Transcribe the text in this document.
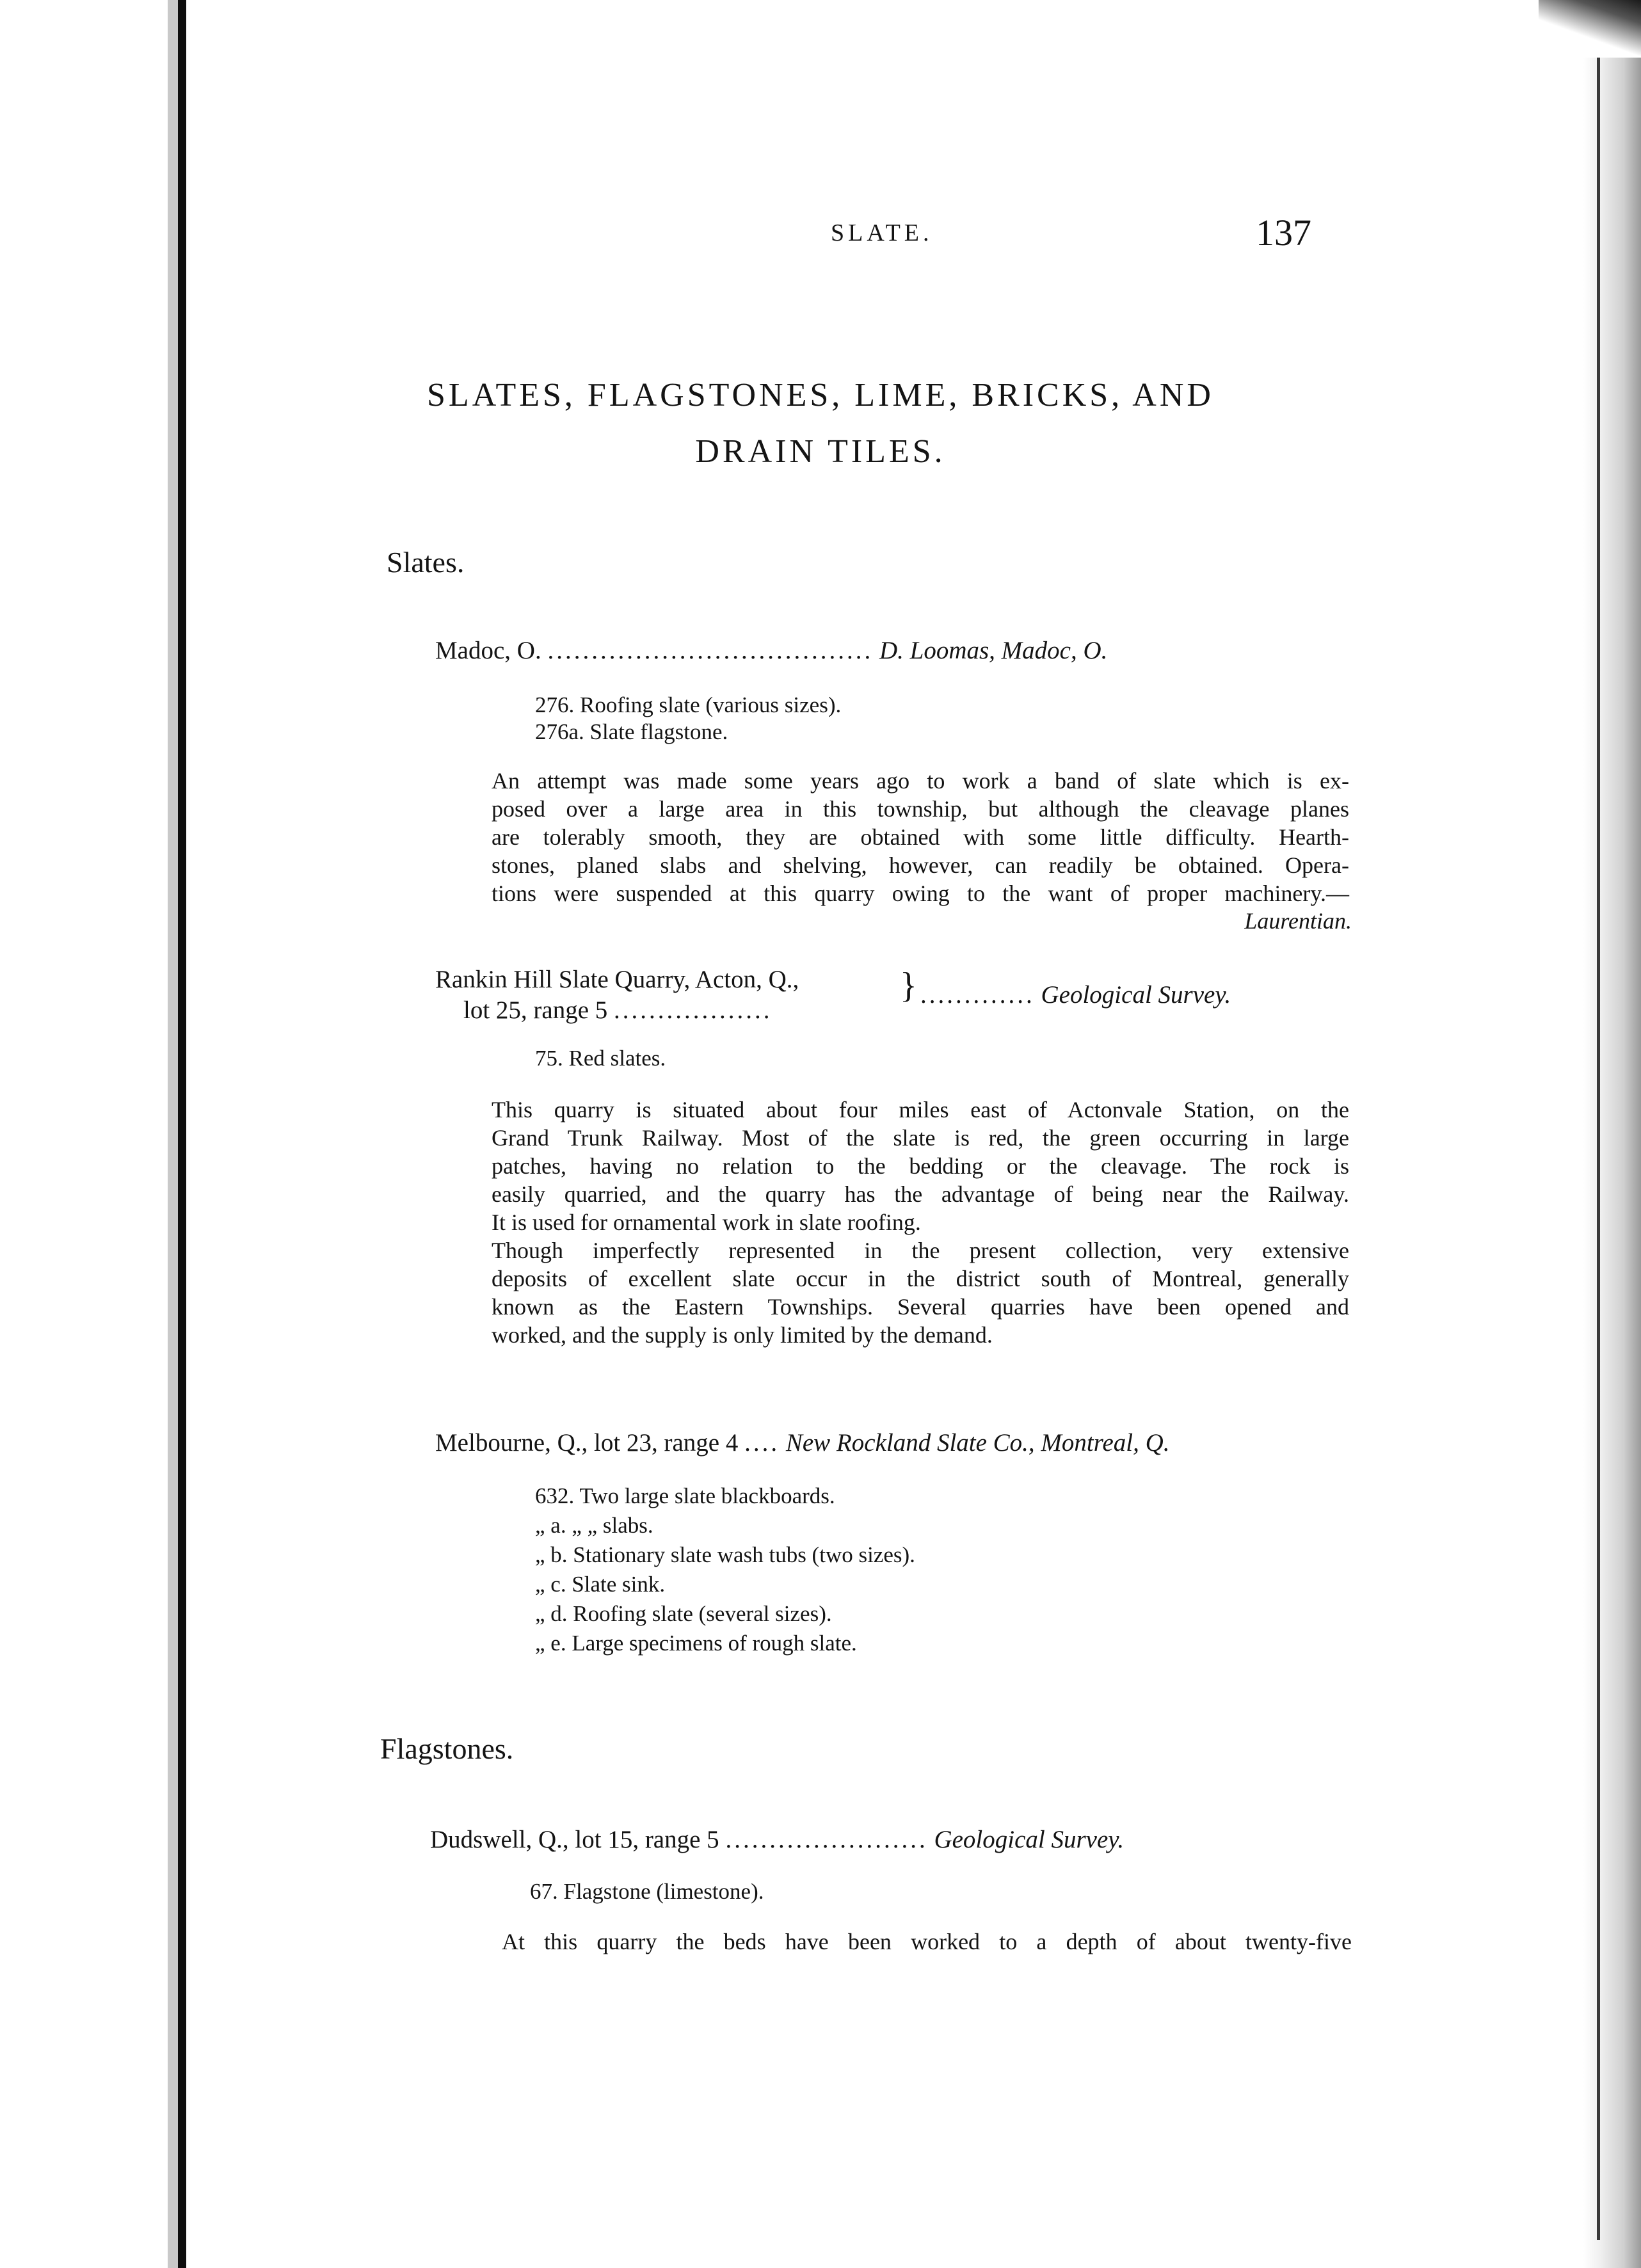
SLATE.	137
SLATES, FLAGSTONES, LIME, BRICKS, AND
DRAIN TILES.
Slates.
Madoc, O. ..................................... D. Loomas, Madoc, O.
276. Roofing slate (various sizes).
276a. Slate flagstone.
An attempt was made some years ago to work a band of slate which is ex-
posed over a large area in this township, but although the cleavage planes
are tolerably smooth, they are obtained with some little difficulty. Hearth-
stones, planed slabs and shelving, however, can readily be obtained. Opera-
tions were suspended at this quarry owing to the want of proper machinery.—
Laurentian.
Rankin Hill Slate Quarry, Acton, Q.,
lot 25, range 5 ..................
} ............. Geological Survey.
75. Red slates.
This quarry is situated about four miles east of Actonvale Station, on the
Grand Trunk Railway. Most of the slate is red, the green occurring in large
patches, having no relation to the bedding or the cleavage. The rock is
easily quarried, and the quarry has the advantage of being near the Railway.
It is used for ornamental work in slate roofing.
Though imperfectly represented in the present collection, very extensive
deposits of excellent slate occur in the district south of Montreal, generally
known as the Eastern Townships. Several quarries have been opened and
worked, and the supply is only limited by the demand.
Melbourne, Q., lot 23, range 4 .... New Rockland Slate Co., Montreal, Q.
632. Two large slate blackboards.
„ a. „ „ slabs.
„ b. Stationary slate wash tubs (two sizes).
„ c. Slate sink.
„ d. Roofing slate (several sizes).
„ e. Large specimens of rough slate.
Flagstones.
Dudswell, Q., lot 15, range 5 ....................... Geological Survey.
67. Flagstone (limestone).
At this quarry the beds have been worked to a depth of about twenty-five
